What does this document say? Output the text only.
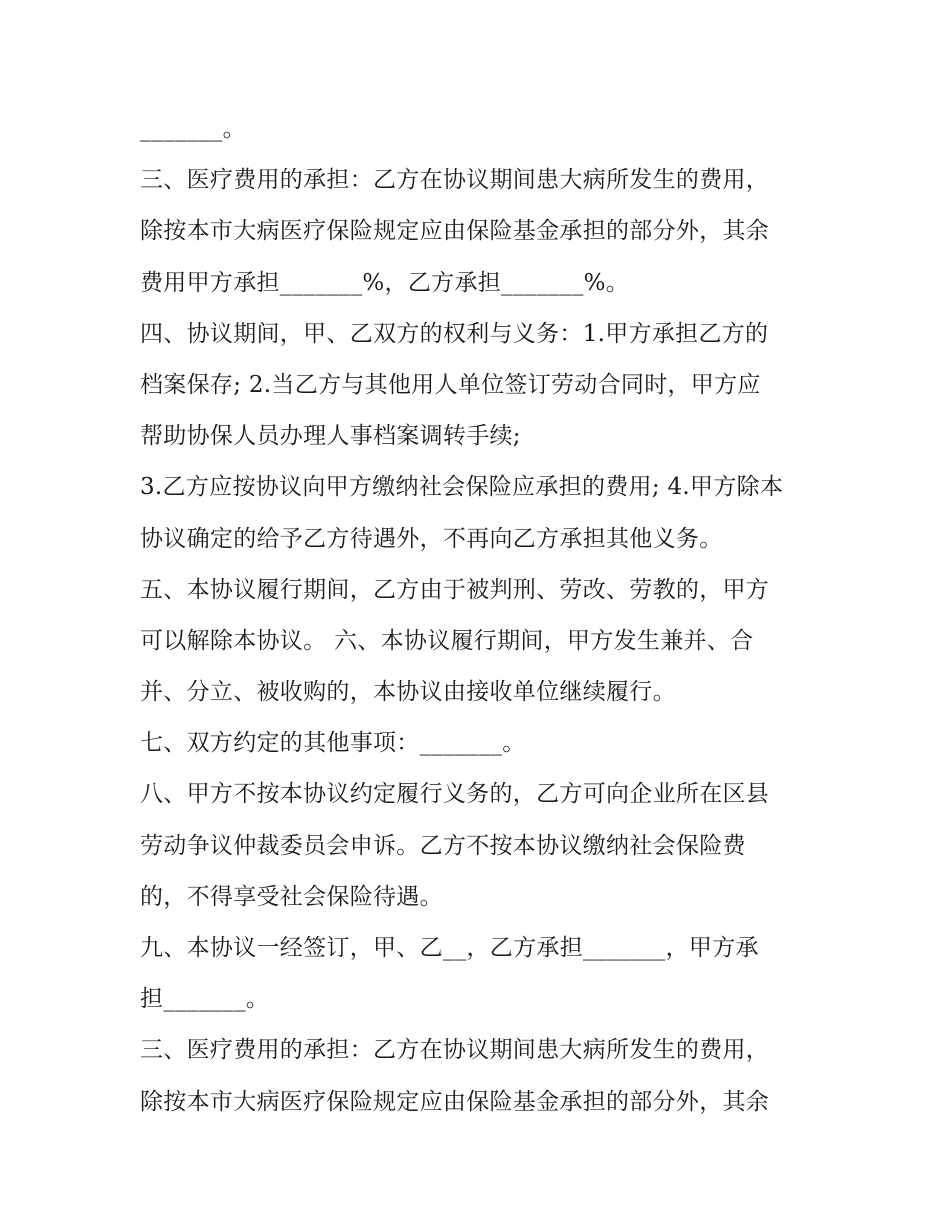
_______。
三、医疗费用的承担：乙方在协议期间患大病所发生的费用，
除按本市大病医疗保险规定应由保险基金承担的部分外，其余
费用甲方承担_______%，乙方承担_______%。
四、协议期间，甲、乙双方的权利与义务：1.甲方承担乙方的
档案保存; 2.当乙方与其他用人单位签订劳动合同时，甲方应
帮助协保人员办理人事档案调转手续;
3.乙方应按协议向甲方缴纳社会保险应承担的费用; 4.甲方除本
协议确定的给予乙方待遇外，不再向乙方承担其他义务。
五、本协议履行期间，乙方由于被判刑、劳改、劳教的，甲方
可以解除本协议。 六、本协议履行期间，甲方发生兼并、合
并、分立、被收购的，本协议由接收单位继续履行。
七、双方约定的其他事项：_______。
八、甲方不按本协议约定履行义务的，乙方可向企业所在区县
劳动争议仲裁委员会申诉。乙方不按本协议缴纳社会保险费
的，不得享受社会保险待遇。
九、本协议一经签订，甲、乙__，乙方承担_______，甲方承
担_______。
三、医疗费用的承担：乙方在协议期间患大病所发生的费用，
除按本市大病医疗保险规定应由保险基金承担的部分外，其余
